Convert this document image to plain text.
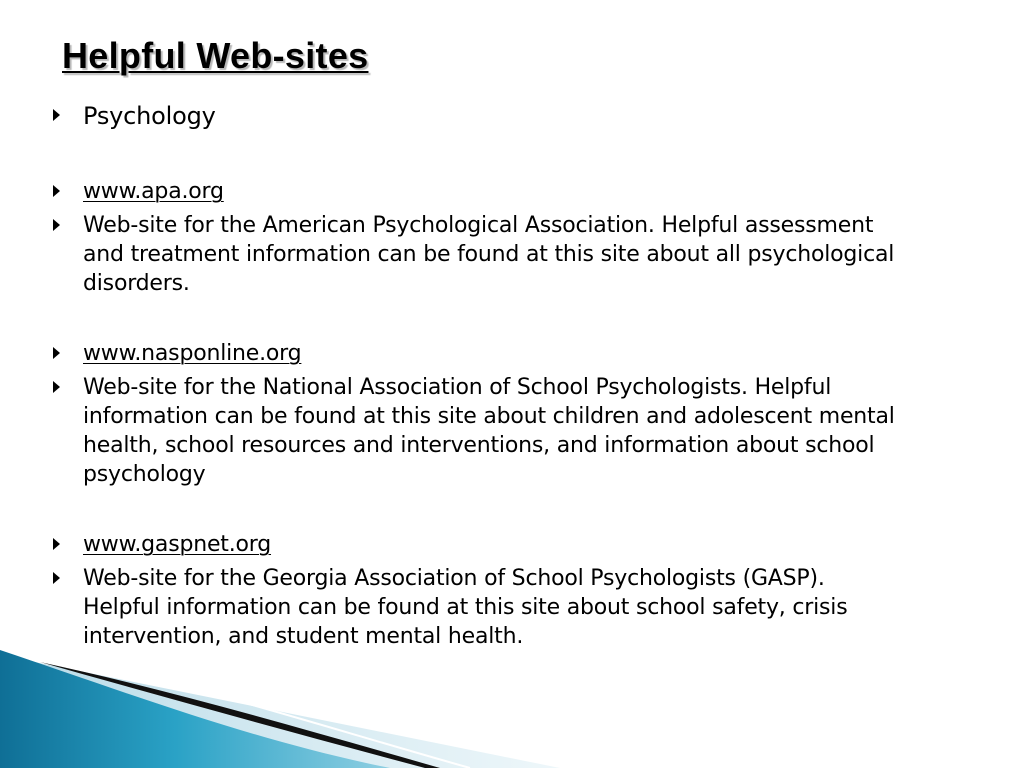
Helpful Web-sites
Psychology
www.apa.org
Web-site for the American Psychological Association. Helpful assessment
and treatment information can be found at this site about all psychological
disorders.
www.nasponline.org
Web-site for the National Association of School Psychologists. Helpful
information can be found at this site about children and adolescent mental
health, school resources and interventions, and information about school
psychology
www.gaspnet.org
Web-site for the Georgia Association of School Psychologists (GASP).
Helpful information can be found at this site about school safety, crisis
intervention, and student mental health.
